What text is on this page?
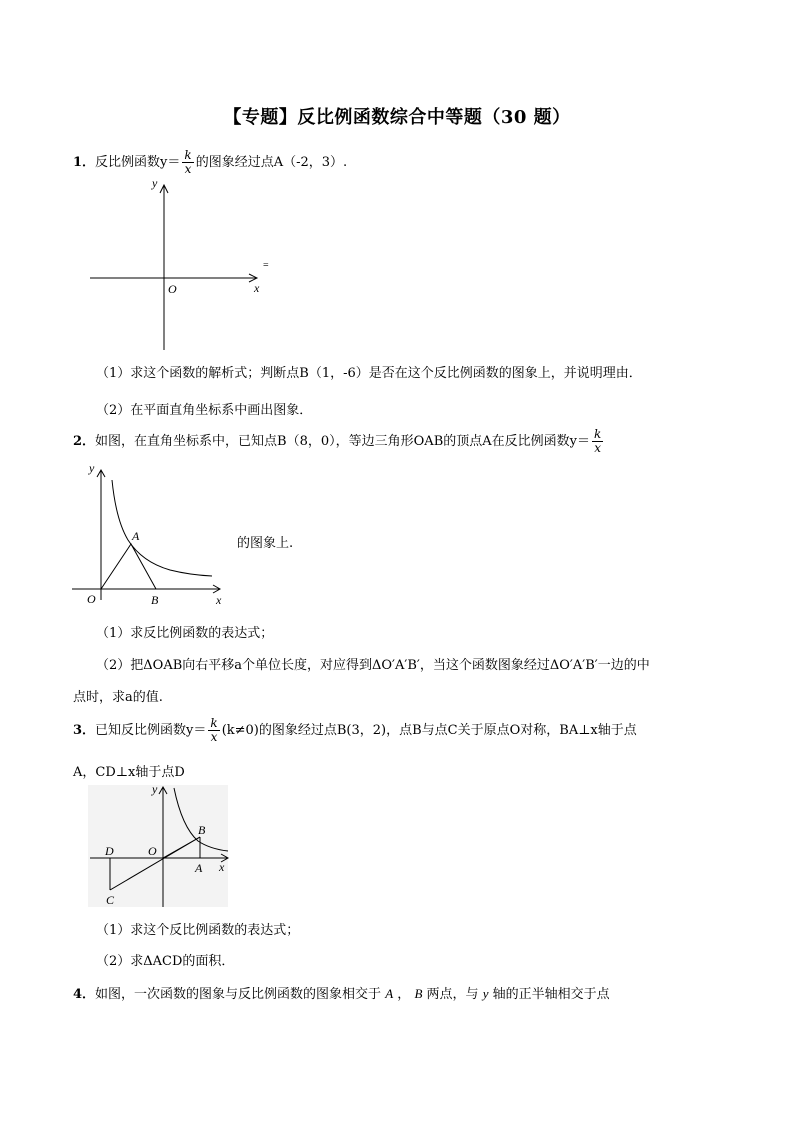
【专题】反比例函数综合中等题（30 题）
1．反比例函数$y= \frac{k}{x}$ 的图象经过点A（-2，3）.
y
O	x
=
（1）求这个函数的解析式；判断点B（1，-6）是否在这个反比例函数的图象上，并说明理由．
（2）在平面直角坐标系中画出图象．
2．如图，在直角坐标系中，已知点B（8，0），等边三角形OAB的顶点A在反比例函数$y= \frac{k}{x}$
y
A
O	B	x
的图象上.
（1）求反比例函数的表达式；
（2）把ΔOAB向右平移a个单位长度，对应得到ΔO′A′B′，当这个函数图象经过ΔO′A′B′一边的中
点时，求a的值.
3．已知反比例函数$y= \frac{k}{x} (k\ne 0)$的图象经过点B(3，2)，点B与点C关于原点O对称，BA⊥x轴于点
A，CD⊥x轴于点D
y
B
D	O
A x
C
（1）求这个反比例函数的表达式；
（2）求ΔACD的面积．
4．如图，一次函数的图象与反比例函数的图象相交于 A ， B 两点，与 y 轴的正半轴相交于点
